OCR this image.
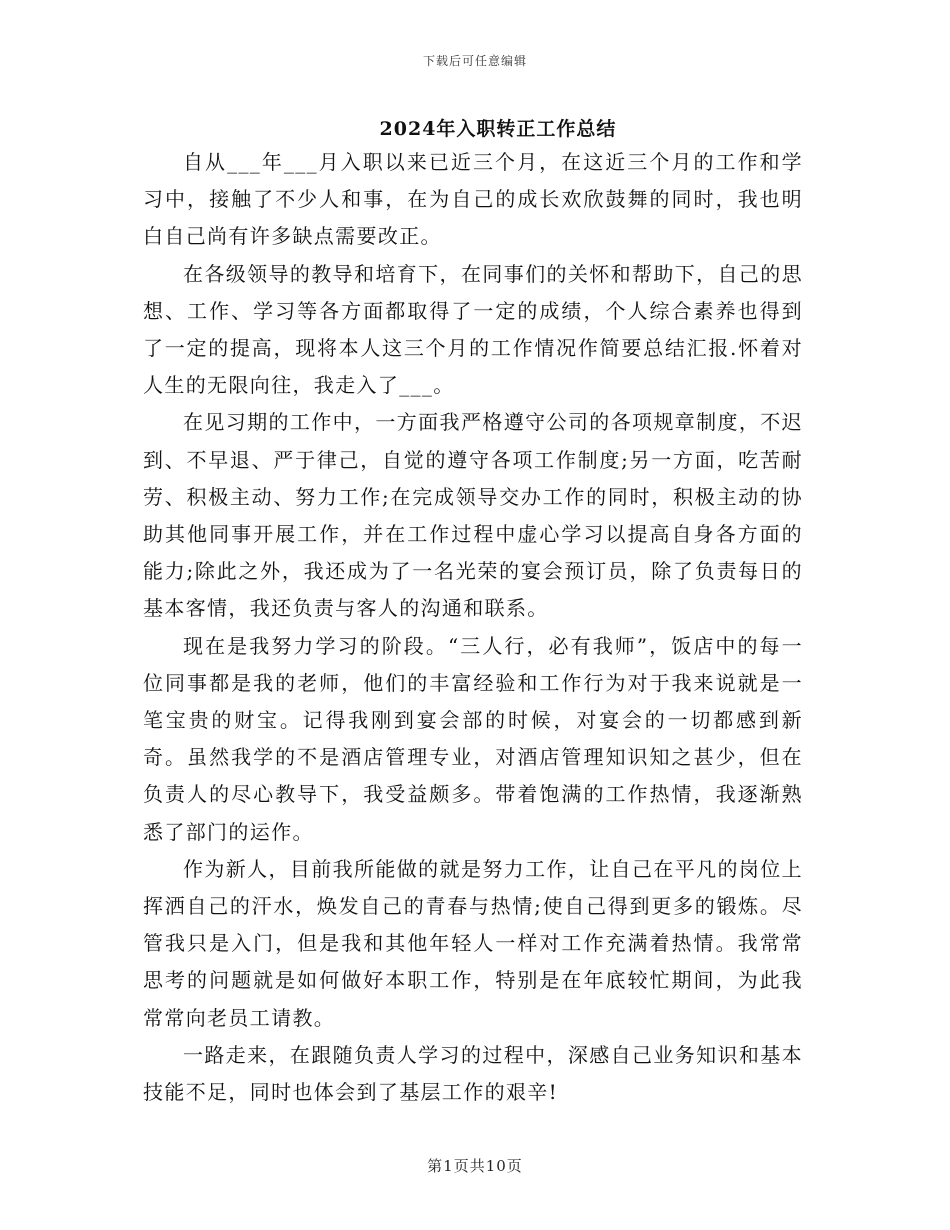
下载后可任意编辑
2024年入职转正工作总结

自从___年___月入职以来已近三个月，在这近三个月的工作和学习中，接触了不少人和事，在为自己的成长欢欣鼓舞的同时，我也明白自己尚有许多缺点需要改正。

在各级领导的教导和培育下，在同事们的关怀和帮助下，自己的思想、工作、学习等各方面都取得了一定的成绩，个人综合素养也得到了一定的提高，现将本人这三个月的工作情况作简要总结汇报.怀着对人生的无限向往，我走入了___。

在见习期的工作中，一方面我严格遵守公司的各项规章制度，不迟到、不早退、严于律己，自觉的遵守各项工作制度;另一方面，吃苦耐劳、积极主动、努力工作;在完成领导交办工作的同时，积极主动的协助其他同事开展工作，并在工作过程中虚心学习以提高自身各方面的能力;除此之外，我还成为了一名光荣的宴会预订员，除了负责每日的基本客情，我还负责与客人的沟通和联系。

现在是我努力学习的阶段。“三人行，必有我师”，饭店中的每一位同事都是我的老师，他们的丰富经验和工作行为对于我来说就是一笔宝贵的财宝。记得我刚到宴会部的时候，对宴会的一切都感到新奇。虽然我学的不是酒店管理专业，对酒店管理知识知之甚少，但在负责人的尽心教导下，我受益颇多。带着饱满的工作热情，我逐渐熟悉了部门的运作。

作为新人，目前我所能做的就是努力工作，让自己在平凡的岗位上挥洒自己的汗水，焕发自己的青春与热情;使自己得到更多的锻炼。尽管我只是入门，但是我和其他年轻人一样对工作充满着热情。我常常思考的问题就是如何做好本职工作，特别是在年底较忙期间，为此我常常向老员工请教。

一路走来，在跟随负责人学习的过程中，深感自己业务知识和基本技能不足，同时也体会到了基层工作的艰辛!

第1页共10页
